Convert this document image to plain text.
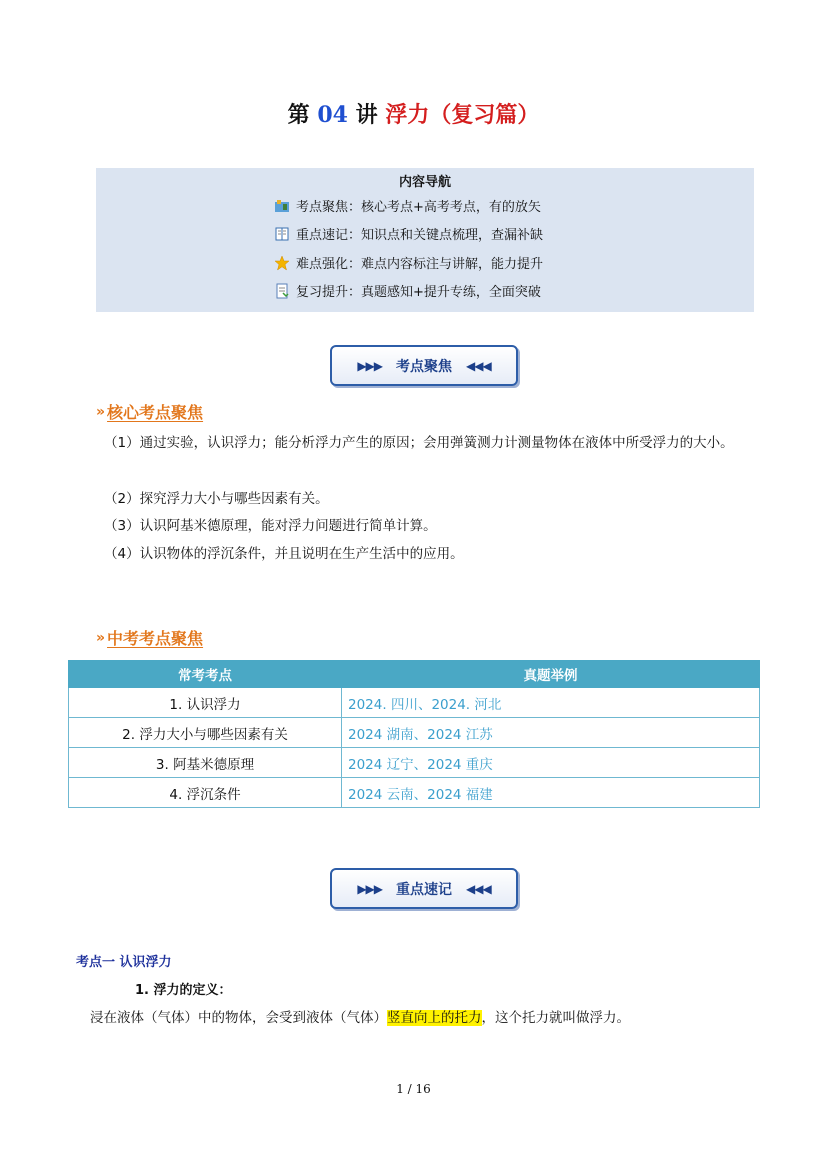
第 04 讲 浮力（复习篇）
内容导航
考点聚焦：核心考点+高考考点，有的放矢
重点速记：知识点和关键点梳理，查漏补缺
难点强化：难点内容标注与讲解，能力提升
复习提升：真题感知+提升专练，全面突破
▶▶▶ 考点聚焦 ◀◀◀
» 核心考点聚焦
（1）通过实验，认识浮力；能分析浮力产生的原因；会用弹簧测力计测量物体在液体中所受浮力的大小。
（2）探究浮力大小与哪些因素有关。
（3）认识阿基米德原理，能对浮力问题进行简单计算。
（4）认识物体的浮沉条件，并且说明在生产生活中的应用。
» 中考考点聚焦
常考考点	真题举例
1. 认识浮力	2024. 四川、2024. 河北
2. 浮力大小与哪些因素有关	2024 湖南、2024 江苏
3. 阿基米德原理	2024 辽宁、2024 重庆
4. 浮沉条件	2024 云南、2024 福建
▶▶▶ 重点速记 ◀◀◀
考点一 认识浮力
1. 浮力的定义：
浸在液体（气体）中的物体，会受到液体（气体）竖直向上的托力，这个托力就叫做浮力。
1 / 16
